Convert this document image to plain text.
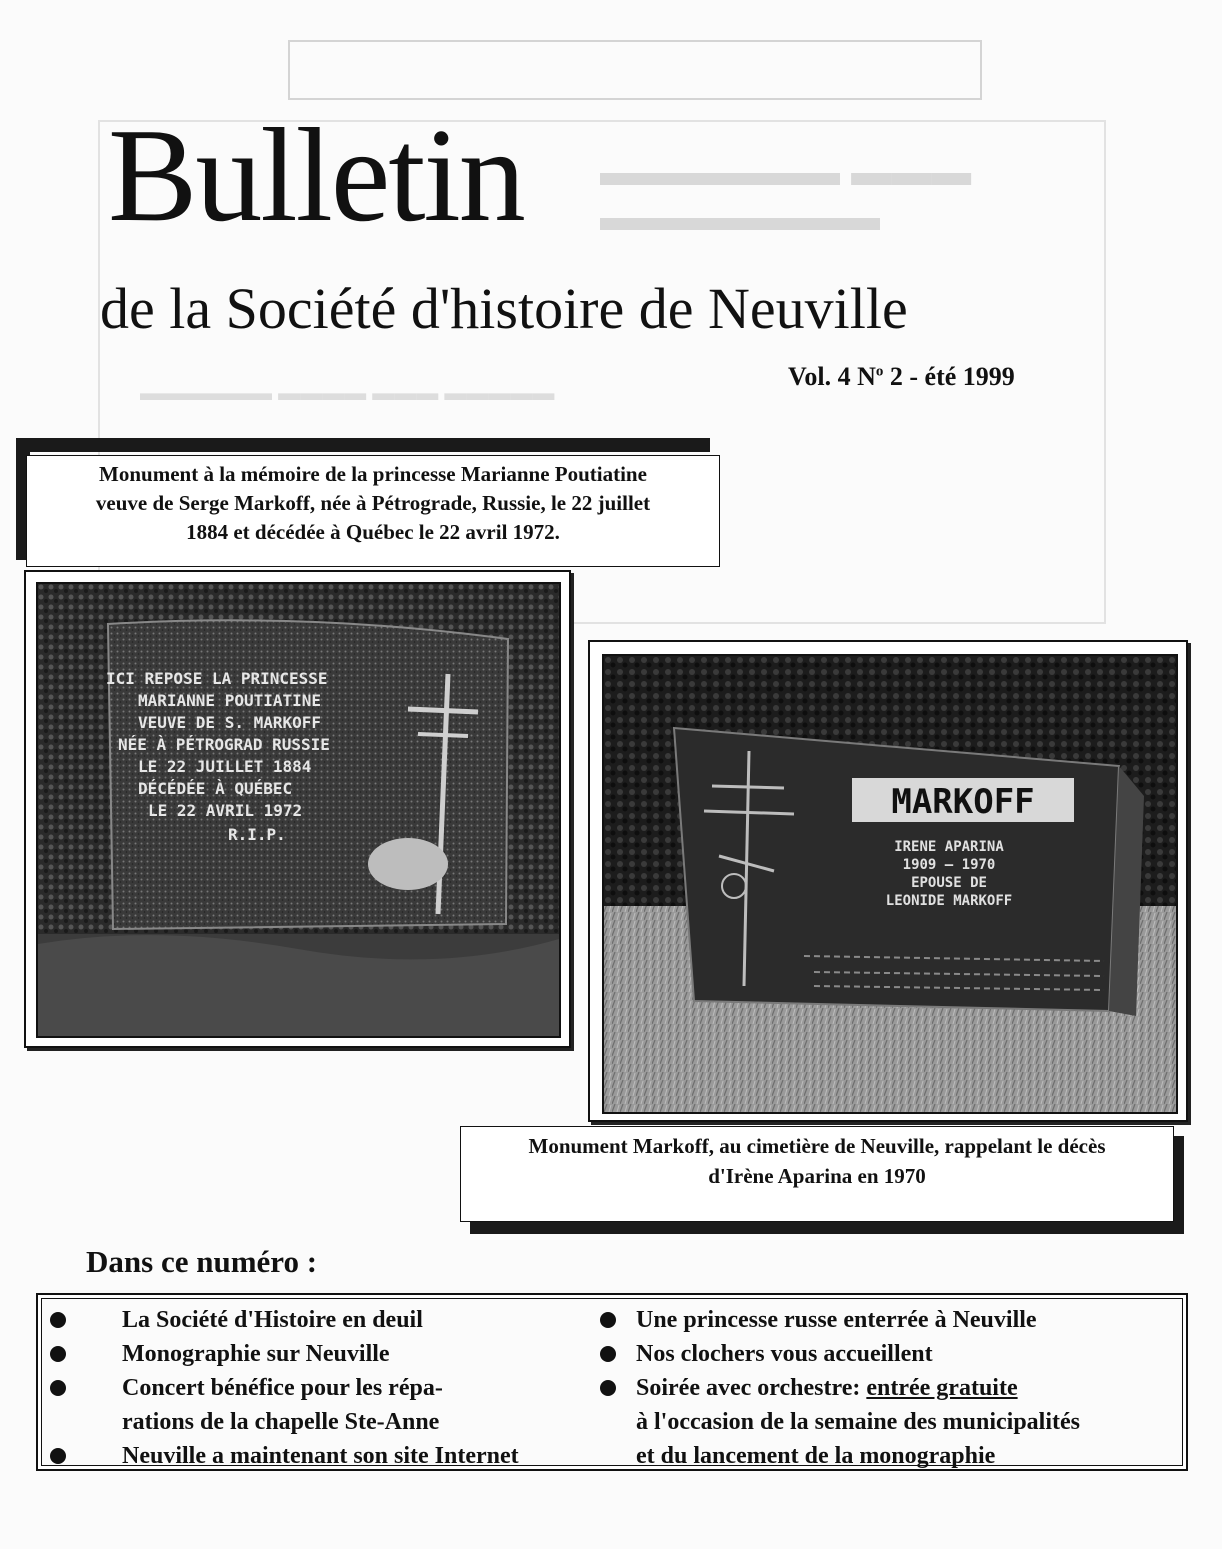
▬▬▬▬▬▬ ▬▬▬ ▬▬▬▬▬▬▬
▬▬▬▬▬▬ ▬▬▬▬ ▬▬▬ ▬▬▬▬▬
Bulletin
de la Société d'histoire de Neuville
Vol. 4 $N^o$ 2 - été 1999
Monument à la mémoire de la princesse Marianne Poutiatine
veuve de Serge Markoff, née à Pétrograde, Russie, le 22 juillet
1884 et décédée à Québec le 22 avril 1972.
ICI REPOSE LA PRINCESSE
MARIANNE POUTIATINE
VEUVE DE S. MARKOFF
NÉE À PÉTROGRAD RUSSIE
LE 22 JUILLET 1884
DÉCÉDÉE À QUÉBEC
LE 22 AVRIL 1972
R.I.P.
MARKOFF
IRENE APARINA
1909 — 1970
EPOUSE DE
LEONIDE MARKOFF
Monument Markoff, au cimetière de Neuville, rappelant le décès
d'Irène Aparina en 1970
Dans ce numéro :
La Société d'Histoire en deuil
Monographie sur Neuville
Concert bénéfice pour les répa-
rations de la chapelle Ste-Anne
Neuville a maintenant son site Internet
Une princesse russe enterrée à Neuville
Nos clochers vous accueillent
Soirée avec orchestre: entrée gratuite
à l'occasion de la semaine des municipalités
et du lancement de la monographie
